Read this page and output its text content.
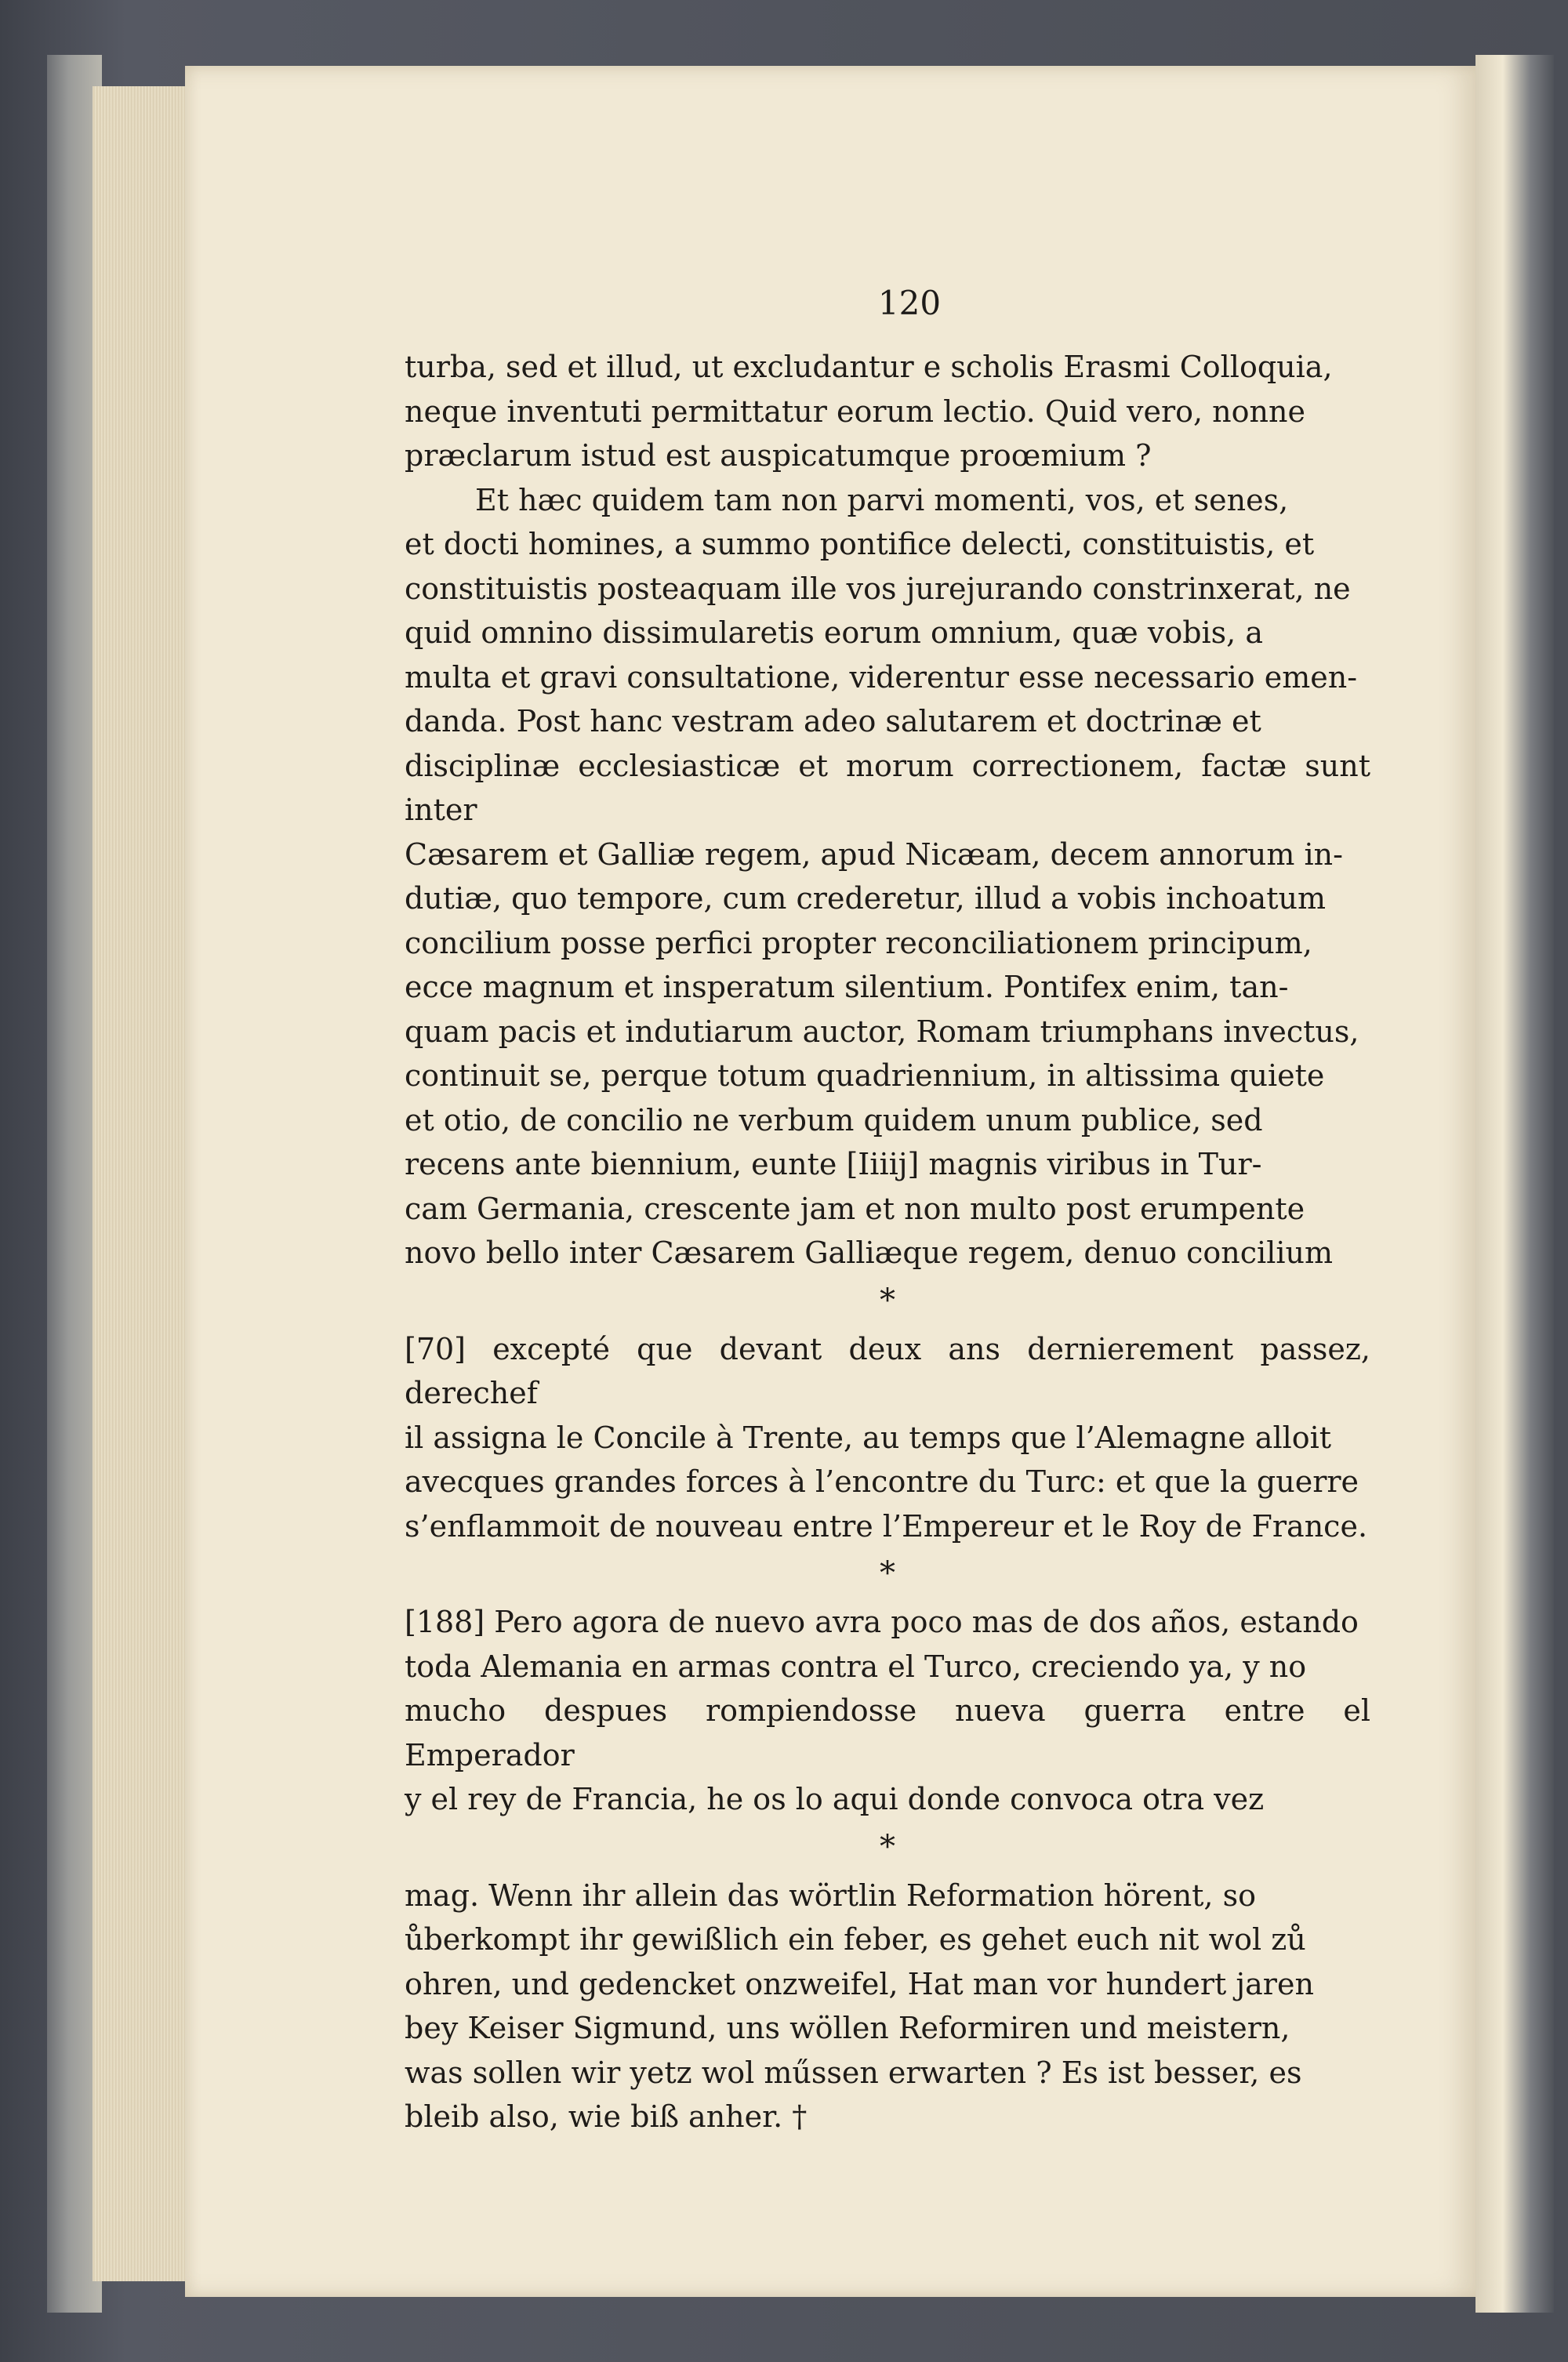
120

turba, sed et illud, ut excludantur e scholis Erasmi Colloquia,
neque inventuti permittatur eorum lectio. Quid vero, nonne
præclarum istud est auspicatumque proœmium ?

Et hæc quidem tam non parvi momenti, vos, et senes,
et docti homines, a summo pontifice delecti, constituistis, et
constituistis posteaquam ille vos jurejurando constrinxerat, ne
quid omnino dissimularetis eorum omnium, quæ vobis, a
multa et gravi consultatione, viderentur esse necessario emen-
danda. Post hanc vestram adeo salutarem et doctrinæ et
disciplinæ ecclesiasticæ et morum correctionem, factæ sunt inter
Cæsarem et Galliæ regem, apud Nicæam, decem annorum in-
dutiæ, quo tempore, cum crederetur, illud a vobis inchoatum
concilium posse perfici propter reconciliationem principum,
ecce magnum et insperatum silentium. Pontifex enim, tan-
quam pacis et indutiarum auctor, Romam triumphans invectus,
continuit se, perque totum quadriennium, in altissima quiete
et otio, de concilio ne verbum quidem unum publice, sed
recens ante biennium, eunte [Iiiij] magnis viribus in Tur-
cam Germania, crescente jam et non multo post erumpente
novo bello inter Cæsarem Galliæque regem, denuo concilium

*

[70] excepté que devant deux ans dernierement passez, derechef
il assigna le Concile à Trente, au temps que l’Alemagne alloit
avecques grandes forces à l’encontre du Turc: et que la guerre
s’enflammoit de nouveau entre l’Empereur et le Roy de France.

*

[188] Pero agora de nuevo avra poco mas de dos años, estando
toda Alemania en armas contra el Turco, creciendo ya, y no
mucho despues rompiendosse nueva guerra entre el Emperador
y el rey de Francia, he os lo aqui donde convoca otra vez

*

mag. Wenn ihr allein das wörtlin Reformation hörent, so
ůberkompt ihr gewißlich ein feber, es gehet euch nit wol zů
ohren, und gedencket onzweifel, Hat man vor hundert jaren
bey Keiser Sigmund, uns wöllen Reformiren und meistern,
was sollen wir yetz wol műssen erwarten ? Es ist besser, es
bleib also, wie biß anher. †
